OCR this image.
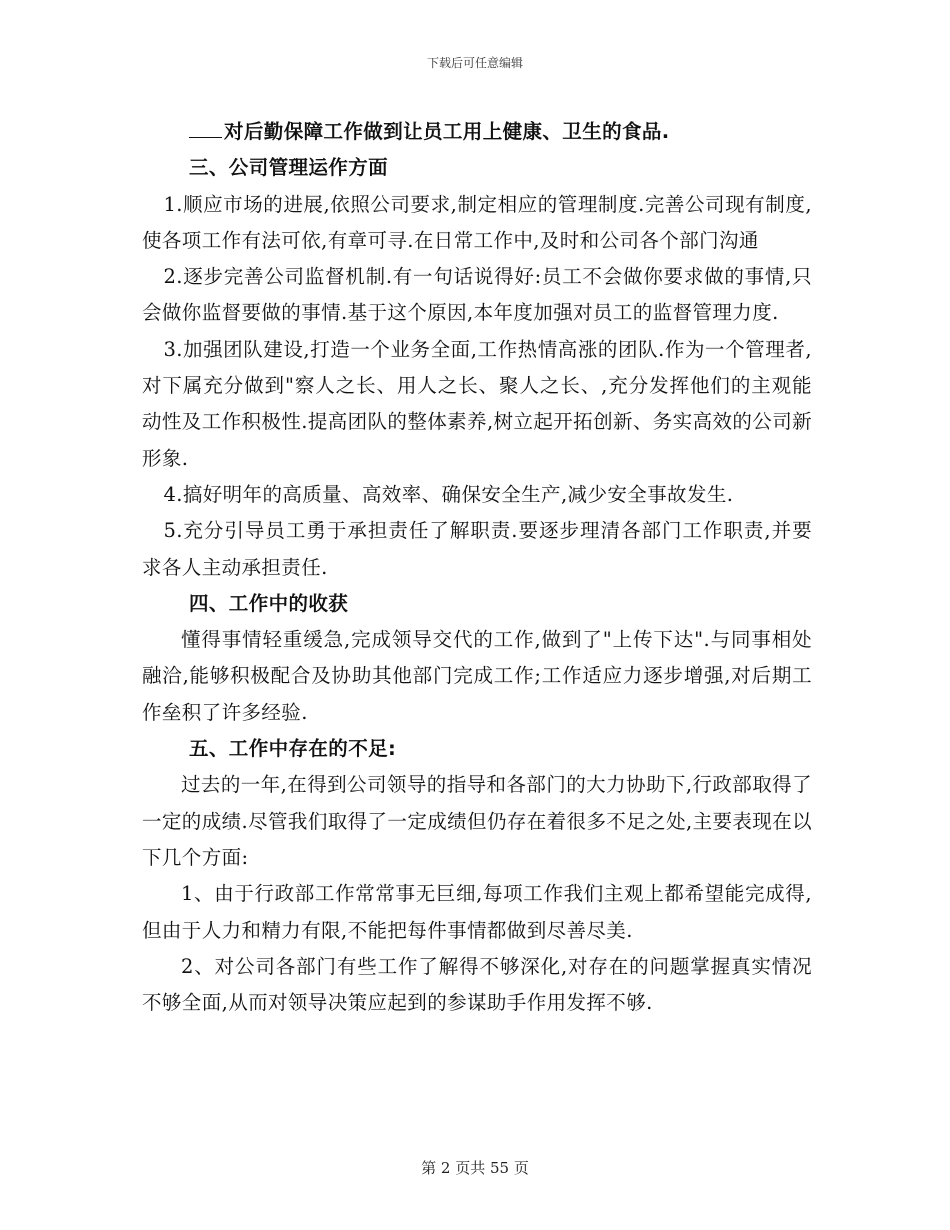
下载后可任意编辑

对后勤保障工作做到让员工用上健康、卫生的食品.

三、公司管理运作方面

1.顺应市场的进展,依照公司要求,制定相应的管理制度.完善公司现有制度,使各项工作有法可依,有章可寻.在日常工作中,及时和公司各个部门沟通

2.逐步完善公司监督机制.有一句话说得好:员工不会做你要求做的事情,只会做你监督要做的事情.基于这个原因,本年度加强对员工的监督管理力度.

3.加强团队建设,打造一个业务全面,工作热情高涨的团队.作为一个管理者,对下属充分做到"察人之长、用人之长、聚人之长、,充分发挥他们的主观能动性及工作积极性.提高团队的整体素养,树立起开拓创新、务实高效的公司新形象.

4.搞好明年的高质量、高效率、确保安全生产,减少安全事故发生.

5.充分引导员工勇于承担责任了解职责.要逐步理清各部门工作职责,并要求各人主动承担责任.

四、工作中的收获

懂得事情轻重缓急,完成领导交代的工作,做到了"上传下达".与同事相处融洽,能够积极配合及协助其他部门完成工作;工作适应力逐步增强,对后期工作垒积了许多经验.

五、工作中存在的不足:

过去的一年,在得到公司领导的指导和各部门的大力协助下,行政部取得了一定的成绩.尽管我们取得了一定成绩但仍存在着很多不足之处,主要表现在以下几个方面:

1、由于行政部工作常常事无巨细,每项工作我们主观上都希望能完成得,但由于人力和精力有限,不能把每件事情都做到尽善尽美.

2、对公司各部门有些工作了解得不够深化,对存在的问题掌握真实情况不够全面,从而对领导决策应起到的参谋助手作用发挥不够.

第 2 页共 55 页
